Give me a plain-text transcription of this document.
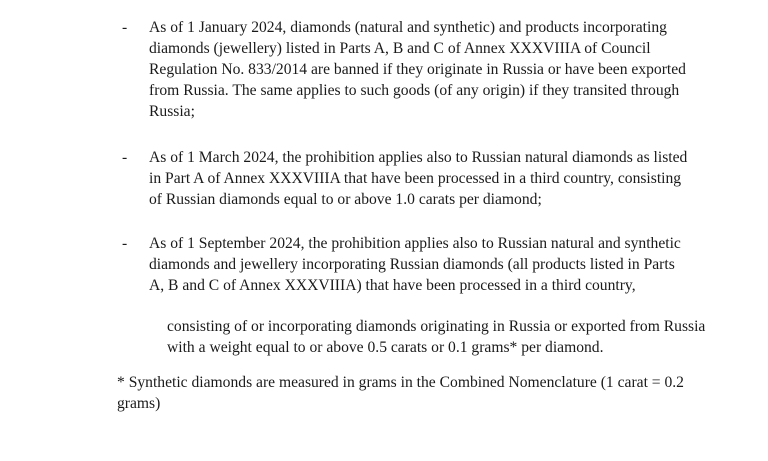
-	As of 1 January 2024, diamonds (natural and synthetic) and products incorporating
diamonds (jewellery) listed in Parts A, B and C of Annex XXXVIIIA of Council
Regulation No. 833/2014 are banned if they originate in Russia or have been exported
from Russia. The same applies to such goods (of any origin) if they transited through
Russia;
-	As of 1 March 2024, the prohibition applies also to Russian natural diamonds as listed
in Part A of Annex XXXVIIIA that have been processed in a third country, consisting
of Russian diamonds equal to or above 1.0 carats per diamond;
-	As of 1 September 2024, the prohibition applies also to Russian natural and synthetic
diamonds and jewellery incorporating Russian diamonds (all products listed in Parts
A, B and C of Annex XXXVIIIA) that have been processed in a third country,
consisting of or incorporating diamonds originating in Russia or exported from Russia
with a weight equal to or above 0.5 carats or 0.1 grams* per diamond.
* Synthetic diamonds are measured in grams in the Combined Nomenclature (1 carat = 0.2
grams)
